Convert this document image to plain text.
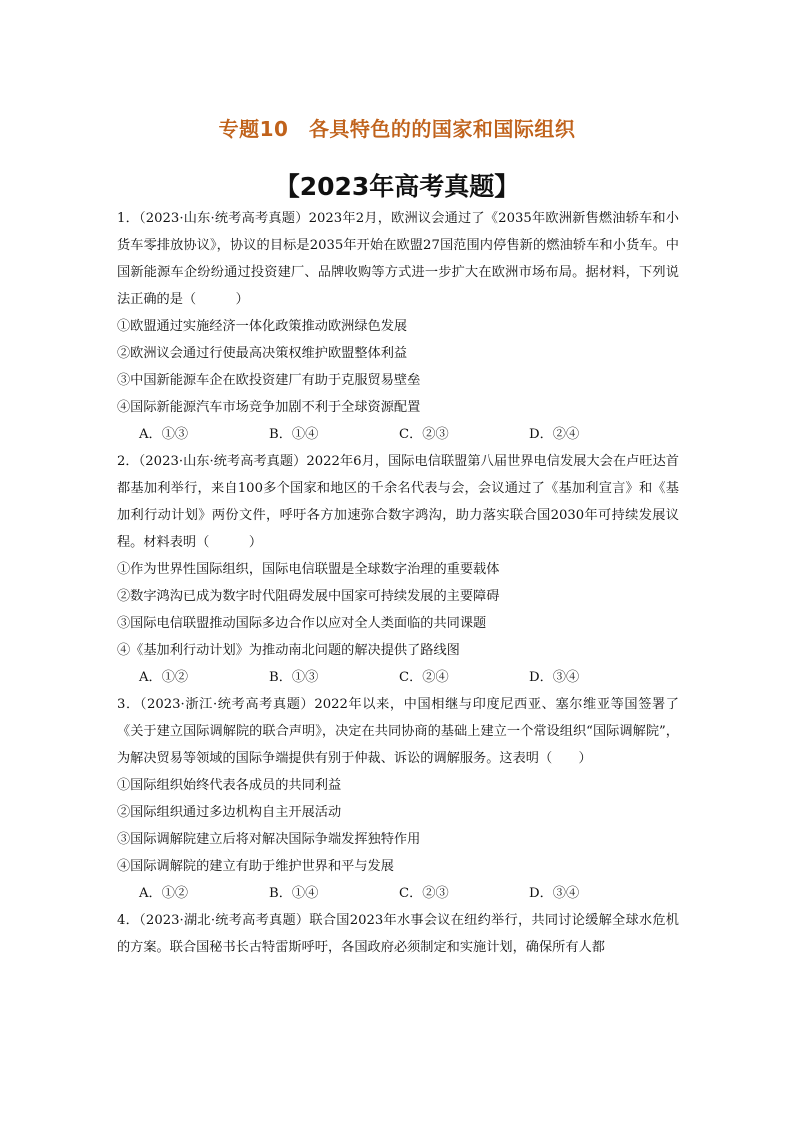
专题10　各具特色的的国家和国际组织
【2023年高考真题】
1．（2023·山东·统考高考真题）2023年2月，欧洲议会通过了《2035年欧洲新售燃油轿车和小货车零排放协议》，协议的目标是2035年开始在欧盟27国范围内停售新的燃油轿车和小货车。中国新能源车企纷纷通过投资建厂、品牌收购等方式进一步扩大在欧洲市场布局。据材料，下列说法正确的是（　　　）
①欧盟通过实施经济一体化政策推动欧洲绿色发展
②欧洲议会通过行使最高决策权维护欧盟整体利益
③中国新能源车企在欧投资建厂有助于克服贸易壁垒
④国际新能源汽车市场竞争加剧不利于全球资源配置
A．①③	B．①④	C．②③	D．②④
2．（2023·山东·统考高考真题）2022年6月，国际电信联盟第八届世界电信发展大会在卢旺达首都基加利举行，来自100多个国家和地区的千余名代表与会，会议通过了《基加利宣言》和《基加利行动计划》两份文件，呼吁各方加速弥合数字鸿沟，助力落实联合国2030年可持续发展议程。材料表明（　　　）
①作为世界性国际组织，国际电信联盟是全球数字治理的重要载体
②数字鸿沟已成为数字时代阻碍发展中国家可持续发展的主要障碍
③国际电信联盟推动国际多边合作以应对全人类面临的共同课题
④《基加利行动计划》为推动南北问题的解决提供了路线图
A．①②	B．①③	C．②④	D．③④
3．（2023·浙江·统考高考真题）2022年以来，中国相继与印度尼西亚、塞尔维亚等国签署了《关于建立国际调解院的联合声明》，决定在共同协商的基础上建立一个常设组织“国际调解院”，为解决贸易等领域的国际争端提供有别于仲裁、诉讼的调解服务。这表明（　　）
①国际组织始终代表各成员的共同利益
②国际组织通过多边机构自主开展活动
③国际调解院建立后将对解决国际争端发挥独特作用
④国际调解院的建立有助于维护世界和平与发展
A．①②	B．①④	C．②③	D．③④
4．（2023·湖北·统考高考真题）联合国2023年水事会议在纽约举行，共同讨论缓解全球水危机的方案。联合国秘书长古特雷斯呼吁，各国政府必须制定和实施计划，确保所有人都
